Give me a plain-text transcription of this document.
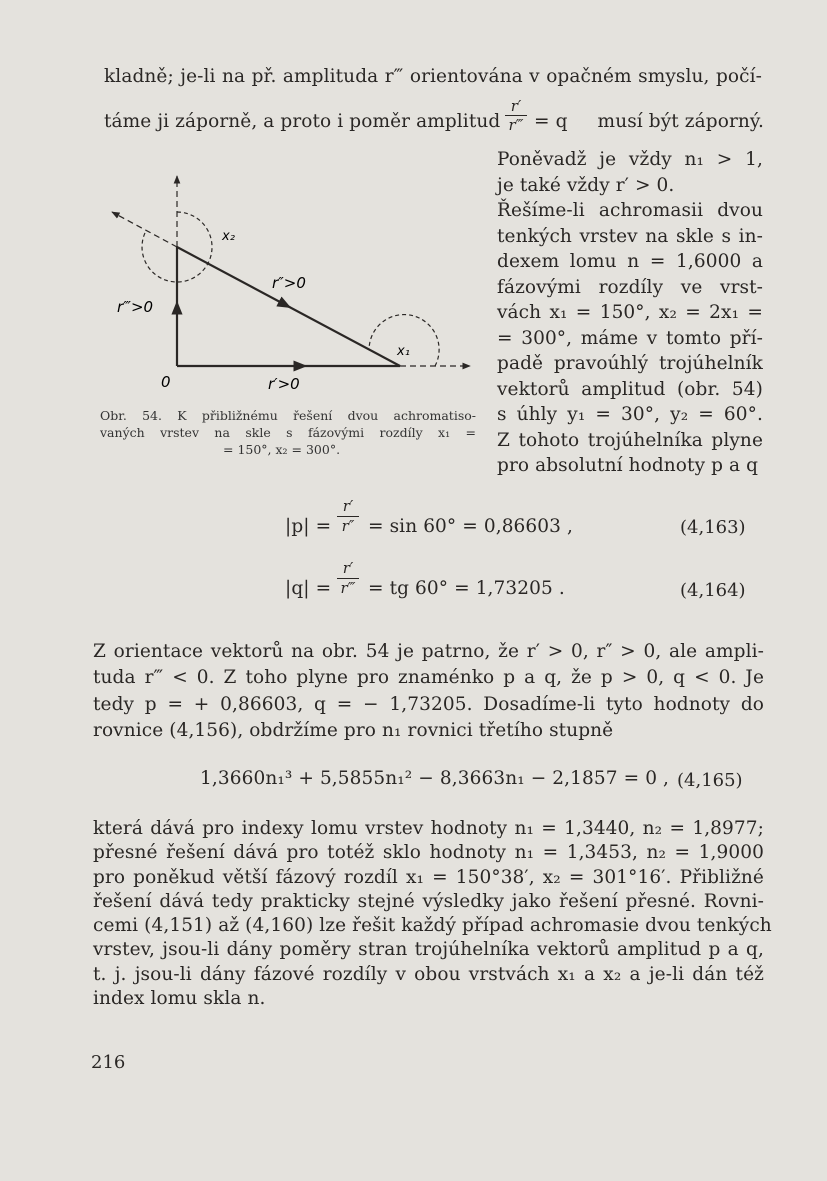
kladně; je-li na př. amplituda r‴ orientována v opačném smyslu, počí-
táme ji záporně, a proto i poměr amplitud
r′
r‴ = q	musí být záporný.
Poněvadž je vždy n₁ > 1,
je také vždy r′ > 0.
Řešíme-li achromasii dvou
tenkých vrstev na skle s in-
dexem lomu n = 1,6000 a
fázovými rozdíly ve vrst-
vách x₁ = 150°, x₂ = 2x₁ =
= 300°, máme v tomto pří-
padě pravoúhlý trojúhelník
vektorů amplitud (obr. 54)
s úhly y₁ = 30°, y₂ = 60°.
Z tohoto trojúhelníka plyne
pro absolutní hodnoty p a q
x₂
r″>0
r‴>0
x₁
0	r′>0
Obr. 54. K přibližnému řešení dvou achromatiso-
vaných vrstev na skle s fázovými rozdíly x₁ =
= 150°, x₂ = 300°.
|p| =
r′
r″ = sin 60° = 0,86603 ,	(4,163)
|q| =
r′
r‴ = tg 60° = 1,73205 .	(4,164)
Z orientace vektorů na obr. 54 je patrno, že r′ > 0, r″ > 0, ale ampli-
tuda r‴ < 0. Z toho plyne pro znaménko p a q, že p > 0, q < 0. Je
tedy p = + 0,86603, q = − 1,73205. Dosadíme-li tyto hodnoty do
rovnice (4,156), obdržíme pro n₁ rovnici třetího stupně
1,3660n₁³ + 5,5855n₁² − 8,3663n₁ − 2,1857 = 0 , (4,165)
která dává pro indexy lomu vrstev hodnoty n₁ = 1,3440, n₂ = 1,8977;
přesné řešení dává pro totéž sklo hodnoty n₁ = 1,3453, n₂ = 1,9000
pro poněkud větší fázový rozdíl x₁ = 150°38′, x₂ = 301°16′. Přibližné
řešení dává tedy prakticky stejné výsledky jako řešení přesné. Rovni-
cemi (4,151) až (4,160) lze řešit každý případ achromasie dvou tenkých
vrstev, jsou-li dány poměry stran trojúhelníka vektorů amplitud p a q,
t. j. jsou-li dány fázové rozdíly v obou vrstvách x₁ a x₂ a je-li dán též
index lomu skla n.
216
